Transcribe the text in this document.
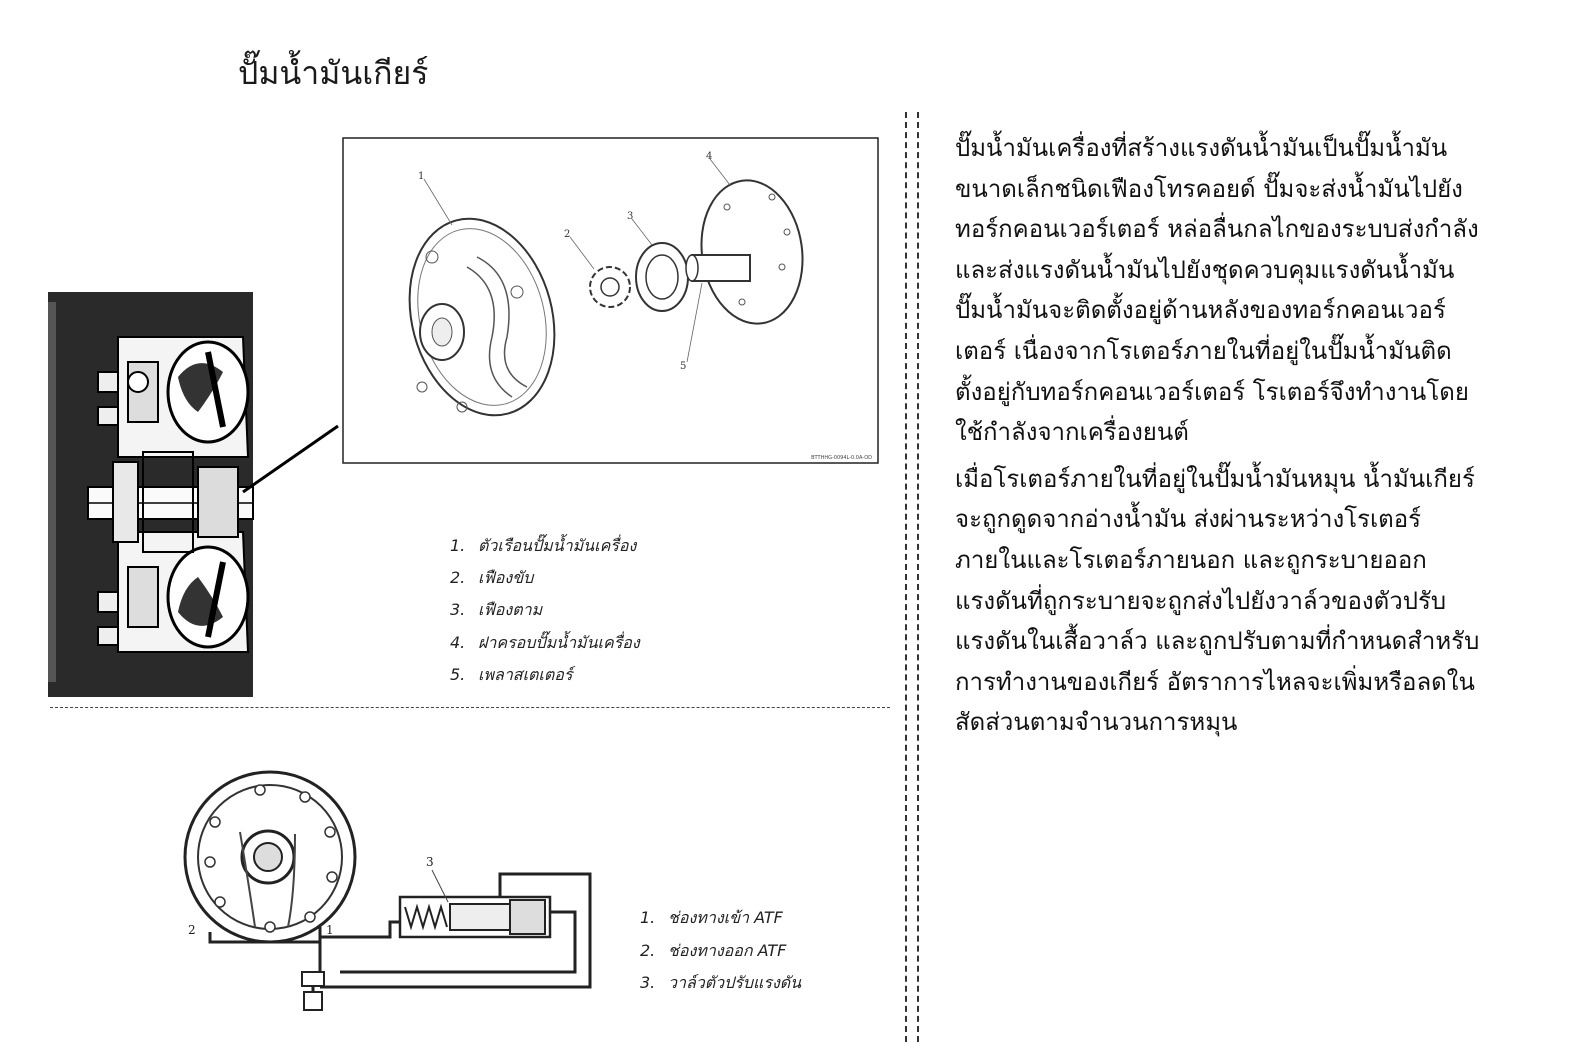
ปั๊มน้ำมันเกียร์
1
2
3
4
5
BTTHHG-0094L-0.0A-OD
1. ตัวเรือนปั๊มน้ำมันเครื่อง
2. เฟืองขับ
3. เฟืองตาม
4. ฝาครอบปั๊มน้ำมันเครื่อง
5. เพลาสเตเตอร์
2	1
3
1. ช่องทางเข้า ATF
2. ช่องทางออก ATF
3. วาล์วตัวปรับแรงดัน

ปั๊มน้ำมันเครื่องที่สร้างแรงดันน้ำมันเป็นปั๊มน้ำมัน
ขนาดเล็กชนิดเฟืองโทรคอยด์ ปั๊มจะส่งน้ำมันไปยัง
ทอร์กคอนเวอร์เตอร์ หล่อลื่นกลไกของระบบส่งกำลัง
และส่งแรงดันน้ำมันไปยังชุดควบคุมแรงดันน้ำมัน
ปั๊มน้ำมันจะติดตั้งอยู่ด้านหลังของทอร์กคอนเวอร์
เตอร์ เนื่องจากโรเตอร์ภายในที่อยู่ในปั๊มน้ำมันติด
ตั้งอยู่กับทอร์กคอนเวอร์เตอร์ โรเตอร์จึงทำงานโดย
ใช้กำลังจากเครื่องยนต์

เมื่อโรเตอร์ภายในที่อยู่ในปั๊มน้ำมันหมุน น้ำมันเกียร์
จะถูกดูดจากอ่างน้ำมัน ส่งผ่านระหว่างโรเตอร์
ภายในและโรเตอร์ภายนอก และถูกระบายออก
แรงดันที่ถูกระบายจะถูกส่งไปยังวาล์วของตัวปรับ
แรงดันในเสื้อวาล์ว และถูกปรับตามที่กำหนดสำหรับ
การทำงานของเกียร์ อัตราการไหลจะเพิ่มหรือลดใน
สัดส่วนตามจำนวนการหมุน
